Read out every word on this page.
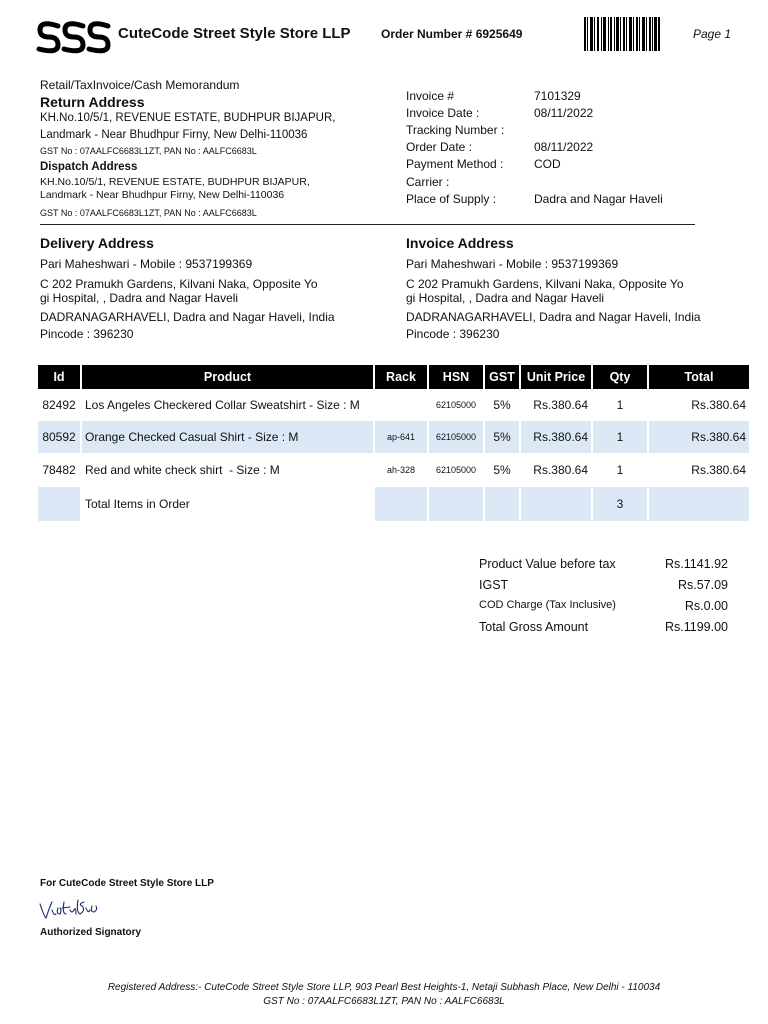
CuteCode Street Style Store LLP	Order Number # 6925649	Page 1
Retail/TaxInvoice/Cash Memorandum
Return Address
KH.No.10/5/1, REVENUE ESTATE, BUDHPUR BIJAPUR,
Landmark - Near Bhudhpur Firny, New Delhi-110036
GST No : 07AALFC6683L1ZT, PAN No : AALFC6683L
Dispatch Address
KH.No.10/5/1, REVENUE ESTATE, BUDHPUR BIJAPUR,
Landmark - Near Bhudhpur Firny, New Delhi-110036
GST No : 07AALFC6683L1ZT, PAN No : AALFC6683L
Invoice #	7101329
Invoice Date :	08/11/2022
Tracking Number :
Order Date :	08/11/2022
Payment Method :	COD
Carrier :
Place of Supply :	Dadra and Nagar Haveli
Delivery Address
Pari Maheshwari - Mobile : 9537199369
C 202 Pramukh Gardens, Kilvani Naka, Opposite Yo
gi Hospital, , Dadra and Nagar Haveli
DADRANAGARHAVELI, Dadra and Nagar Haveli, India
Pincode : 396230
Invoice Address
Pari Maheshwari - Mobile : 9537199369
C 202 Pramukh Gardens, Kilvani Naka, Opposite Yo
gi Hospital, , Dadra and Nagar Haveli
DADRANAGARHAVELI, Dadra and Nagar Haveli, India
Pincode : 396230
Id	Product	Rack	HSN	GST	Unit Price	Qty	Total
82492	Los Angeles Checkered Collar Sweatshirt - Size : M		62105000	5%	Rs.380.64	1	Rs.380.64
80592	Orange Checked Casual Shirt - Size : M	ap-641	62105000	5%	Rs.380.64	1	Rs.380.64
78482	Red and white check shirt  - Size : M	ah-328	62105000	5%	Rs.380.64	1	Rs.380.64
	Total Items in Order					3	
Product Value before tax	Rs.1141.92
IGST	Rs.57.09
COD Charge (Tax Inclusive)	Rs.0.00
Total Gross Amount	Rs.1199.00
For CuteCode Street Style Store LLP
Authorized Signatory
Registered Address:- CuteCode Street Style Store LLP, 903 Pearl Best Heights-1, Netaji Subhash Place, New Delhi - 110034
GST No : 07AALFC6683L1ZT, PAN No : AALFC6683L
